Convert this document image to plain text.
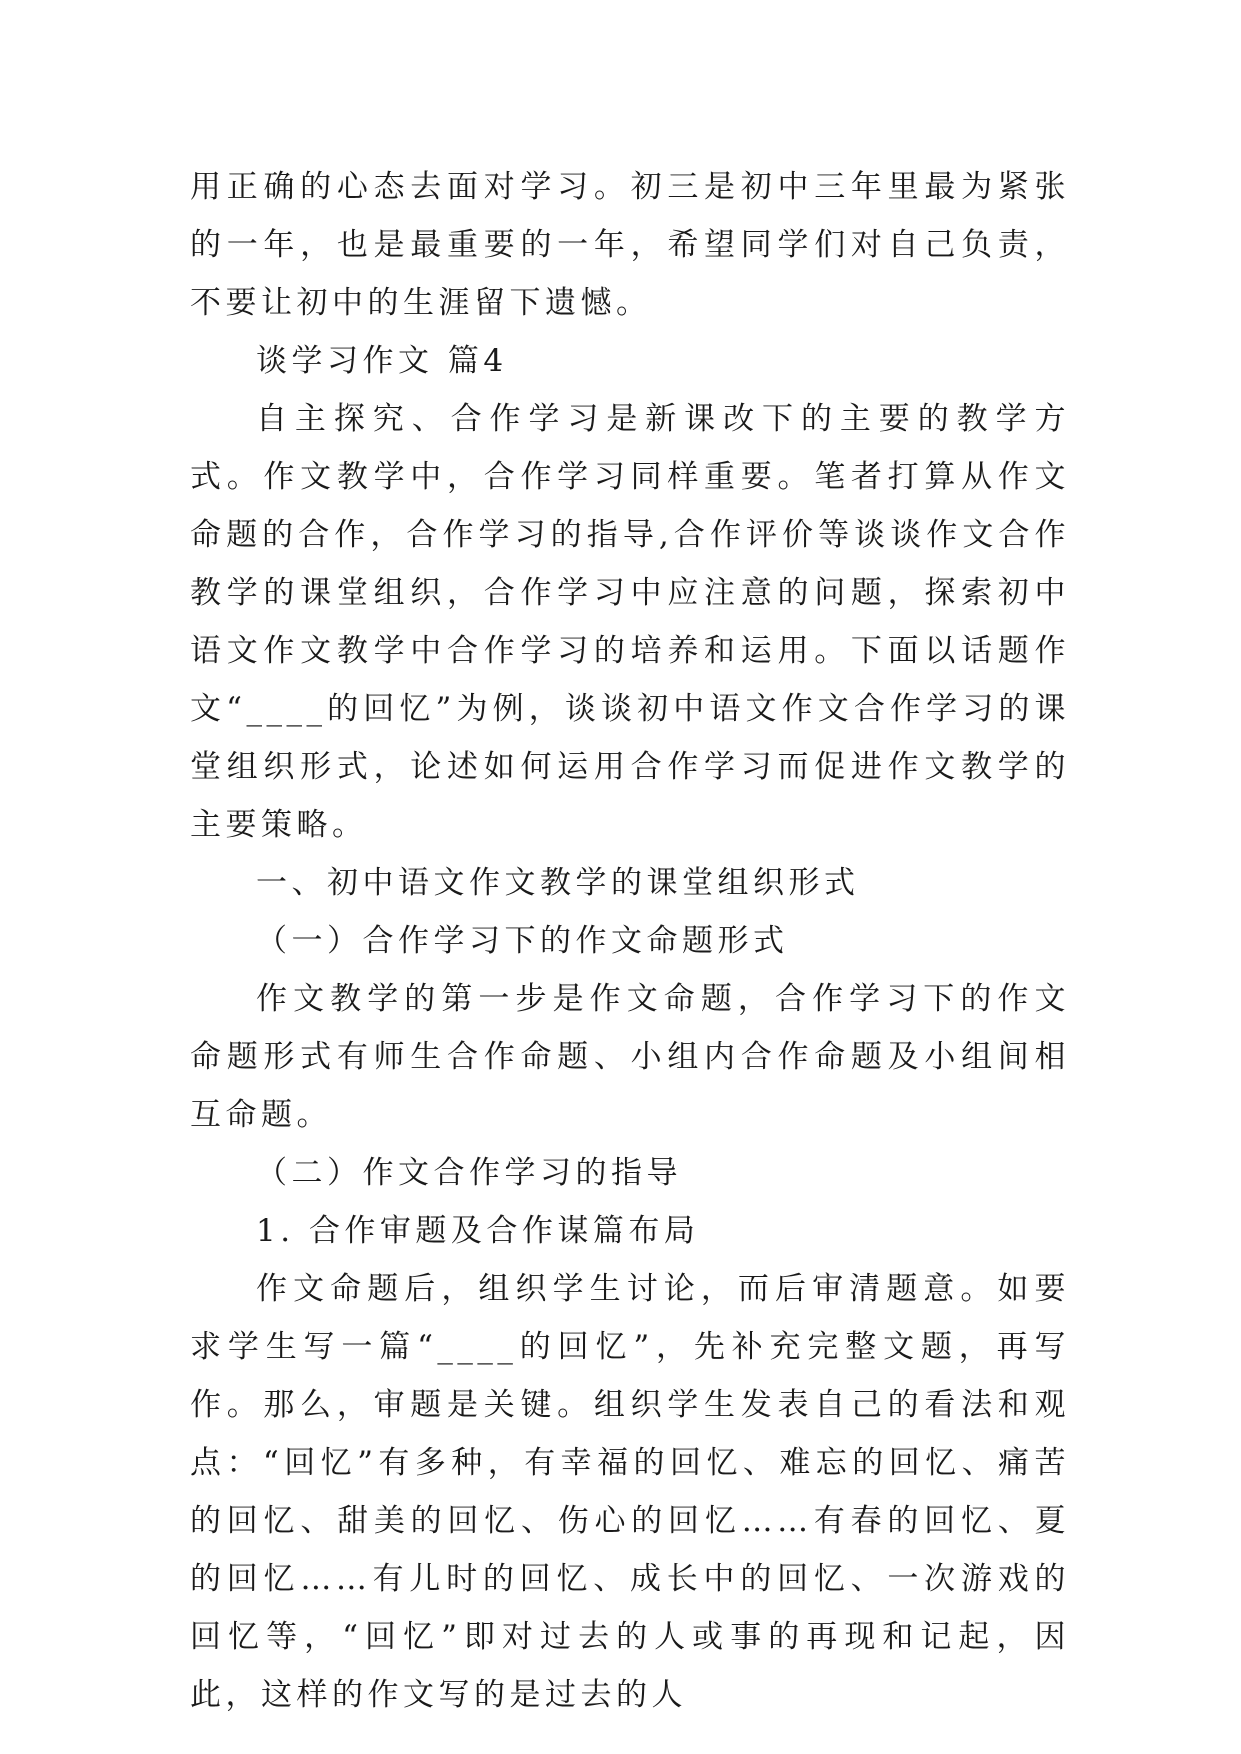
用正确的心态去面对学习。初三是初中三年里最为紧张的一年，也是最重要的一年，希望同学们对自己负责，不要让初中的生涯留下遗憾。

谈学习作文 篇4

自主探究、合作学习是新课改下的主要的教学方式。作文教学中，合作学习同样重要。笔者打算从作文命题的合作，合作学习的指导,合作评价等谈谈作文合作教学的课堂组织，合作学习中应注意的问题，探索初中语文作文教学中合作学习的培养和运用。下面以话题作文“____的回忆”为例，谈谈初中语文作文合作学习的课堂组织形式，论述如何运用合作学习而促进作文教学的主要策略。

一、初中语文作文教学的课堂组织形式

（一）合作学习下的作文命题形式

作文教学的第一步是作文命题，合作学习下的作文命题形式有师生合作命题、小组内合作命题及小组间相互命题。

（二）作文合作学习的指导

1. 合作审题及合作谋篇布局

作文命题后，组织学生讨论，而后审清题意。如要求学生写一篇“____的回忆”，先补充完整文题，再写作。那么，审题是关键。组织学生发表自己的看法和观点：“回忆”有多种，有幸福的回忆、难忘的回忆、痛苦的回忆、甜美的回忆、伤心的回忆……有春的回忆、夏的回忆……有儿时的回忆、成长中的回忆、一次游戏的回忆等，“回忆”即对过去的人或事的再现和记起，因此，这样的作文写的是过去的人
